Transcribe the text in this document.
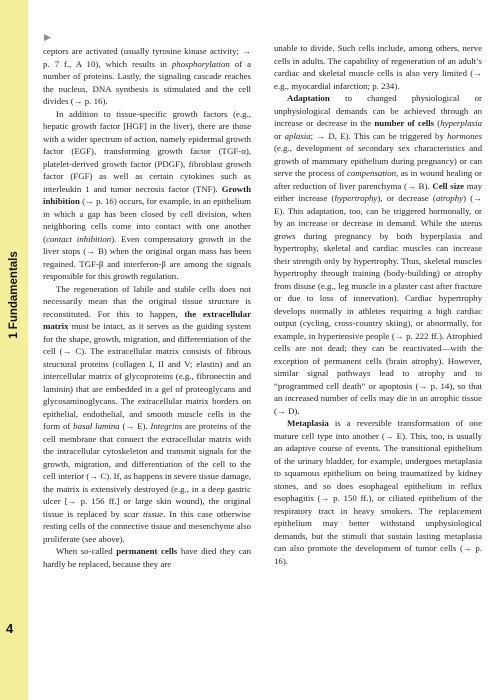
1 Fundamentals
4
▶

ceptors are activated (usually tyrosine kinase activity; → p. 7 f., A 10), which results in phosphorylation of a number of proteins. Lastly, the signaling cascade reaches the nucleus, DNA synthesis is stimulated and the cell divides (→ p. 16).

In addition to tissue-specific growth factors (e.g., hepatic growth factor [HGF] in the liver), there are those with a wider spectrum of action, namely epidermal growth factor (EGF), transforming growth factor (TGF-α), platelet-derived growth factor (PDGF), fibroblast growth factor (FGF) as well as certain cytokines such as interleukin 1 and tumor necrosis factor (TNF). Growth inhibition (→ p. 16) occurs, for example, in an epithelium in which a gap has been closed by cell division, when neighboring cells come into contact with one another (contact inhibition). Even compensatory growth in the liver stops (→ B) when the original organ mass has been regained. TGF-β and interferon-β are among the signals responsible for this growth regulation.

The regeneration of labile and stable cells does not necessarily mean that the original tissue structure is reconstituted. For this to happen, the extracellular matrix must be intact, as it serves as the guiding system for the shape, growth, migration, and differentiation of the cell (→ C). The extracellular matrix consists of fibrous structural proteins (collagen I, II and V; elastin) and an intercellular matrix of glycoproteins (e.g., fibronectin and laminin) that are embedded in a gel of proteoglycans and glycosaminoglycans. The extracellular matrix borders on epithelial, endothelial, and smooth muscle cells in the form of basal lamina (→ E). Integrins are proteins of the cell membrane that connect the extracellular matrix with the intracellular cytoskeleton and transmit signals for the growth, migration, and differentiation of the cell to the cell interior (→ C). If, as happens in severe tissue damage, the matrix is extensively destroyed (e.g., in a deep gastric ulcer [→ p. 156 ff.] or large skin wound), the original tissue is replaced by scar tissue. In this case otherwise resting cells of the connective tissue and mesenchyme also proliferate (see above).

When so-called permanent cells have died they can hardly be replaced, because they are

unable to divide. Such cells include, among others, nerve cells in adults. The capability of regeneration of an adult’s cardiac and skeletal muscle cells is also very limited (→ e.g., myocardial infarction; p. 234).

Adaptation to changed physiological or unphysiological demands can be achieved through an increase or decrease in the number of cells (hyperplasia or aplasia; → D, E). This can be triggered by hormones (e.g., development of secondary sex characteristics and growth of mammary epithelium during pregnancy) or can serve the process of compensation, as in wound healing or after reduction of liver parenchyma (→ B). Cell size may either increase (hypertrophy), or decrease (atrophy) (→ E). This adaptation, too, can be triggered hormonally, or by an increase or decrease in demand. While the uterus grows during pregnancy by both hyperplasia and hypertrophy, skeletal and cardiac muscles can increase their strength only by hypertrophy. Thus, skeletal muscles hypertrophy through training (body-building) or atrophy from disuse (e.g., leg muscle in a plaster cast after fracture or due to loss of innervation). Cardiac hypertrophy develops normally in athletes requiring a high cardiac output (cycling, cross-country skiing), or abnormally, for example, in hypertensive people (→ p. 222 ff.). Atrophied cells are not dead; they can be reactivated—with the exception of permanent cells (brain atrophy). However, similar signal pathways lead to atrophy and to “programmed cell death” or apoptosis (→ p. 14), so that an increased number of cells may die in an atrophic tissue (→ D).

Metaplasia is a reversible transformation of one mature cell type into another (→ E). This, too, is usually an adaptive course of events. The transitional epithelium of the urinary bladder, for example, undergoes metaplasia to squamous epithelium on being traumatized by kidney stones, and so does esophageal epithelium in reflux esophagitis (→ p. 150 ff.), or ciliated epithelium of the respiratory tract in heavy smokers. The replacement epithelium may better withstand unphysiological demands, but the stimuli that sustain lasting metaplasia can also promote the development of tumor cells (→ p. 16).
